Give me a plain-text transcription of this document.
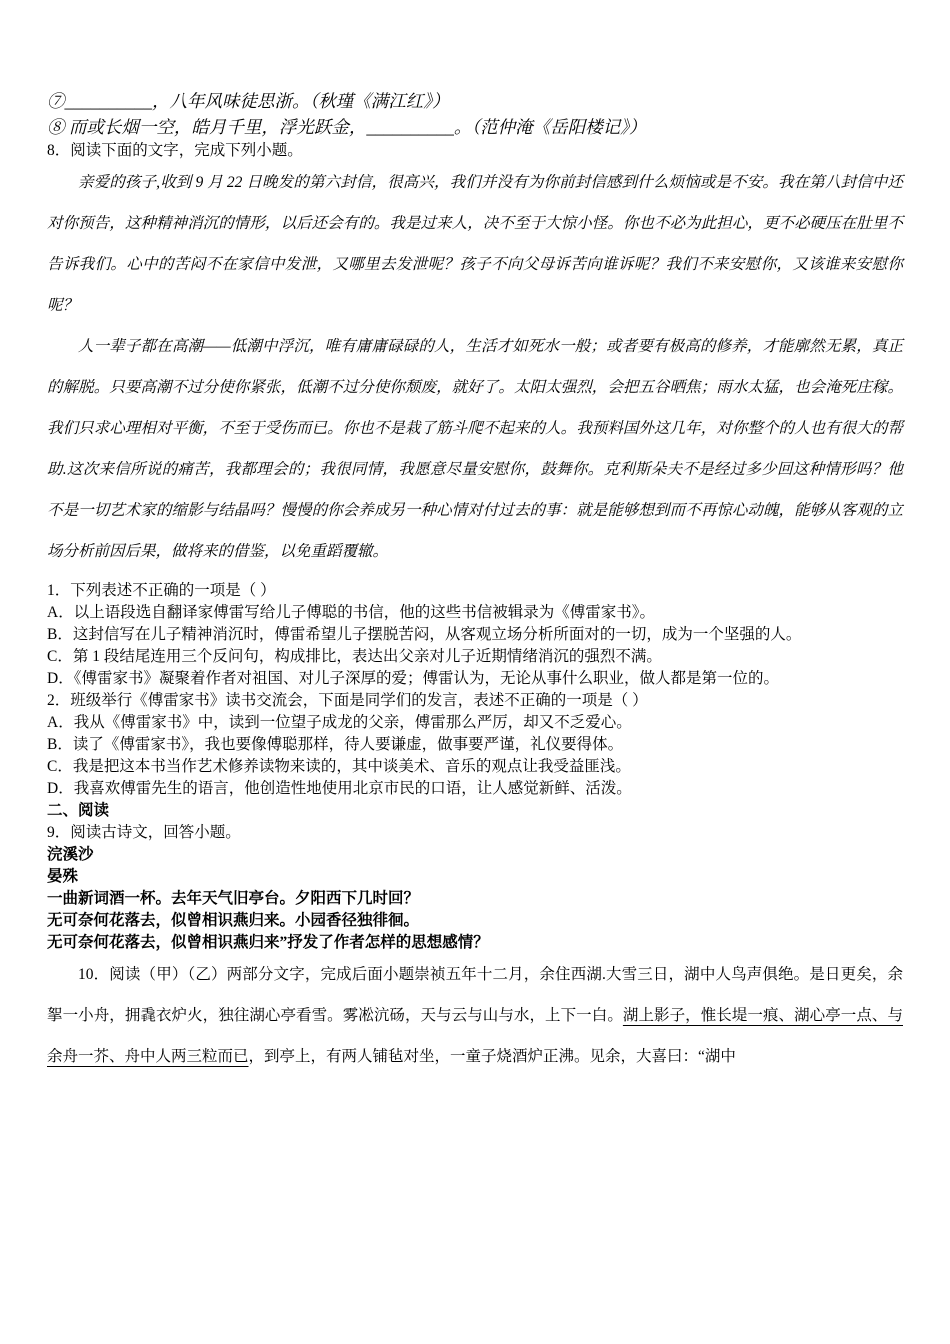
⑦__________，八年风味徒思浙。（秋瑾《满江红》）

⑧ 而或长烟一空，皓月千里，浮光跃金，__________。（范仲淹《岳阳楼记》）

8．阅读下面的文字，完成下列小题。

亲爱的孩子,收到 9 月 22 日晚发的第六封信，很高兴，我们并没有为你前封信感到什么烦恼或是不安。我在第八封信中还对你预告，这种精神消沉的情形，以后还会有的。我是过来人，决不至于大惊小怪。你也不必为此担心，更不必硬压在肚里不告诉我们。心中的苦闷不在家信中发泄，又哪里去发泄呢？孩子不向父母诉苦向谁诉呢？我们不来安慰你，又该谁来安慰你呢？

人一辈子都在高潮——低潮中浮沉，唯有庸庸碌碌的人，生活才如死水一般；或者要有极高的修养，才能廓然无累，真正的解脱。只要高潮不过分使你紧张，低潮不过分使你颓废，就好了。太阳太强烈，会把五谷晒焦；雨水太猛，也会淹死庄稼。我们只求心理相对平衡，不至于受伤而已。你也不是栽了筋斗爬不起来的人。我预料国外这几年，对你整个的人也有很大的帮助.这次来信所说的痛苦，我都理会的；我很同情，我愿意尽量安慰你，鼓舞你。克利斯朵夫不是经过多少回这种情形吗？他不是一切艺术家的缩影与结晶吗？慢慢的你会养成另一种心情对付过去的事：就是能够想到而不再惊心动魄，能够从客观的立场分析前因后果，做将来的借鉴，以免重蹈覆辙。

1．下列表述不正确的一项是（ ）

A．以上语段选自翻译家傅雷写给儿子傅聪的书信，他的这些书信被辑录为《傅雷家书》。

B．这封信写在儿子精神消沉时，傅雷希望儿子摆脱苦闷，从客观立场分析所面对的一切，成为一个坚强的人。

C．第 1 段结尾连用三个反问句，构成排比，表达出父亲对儿子近期情绪消沉的强烈不满。

D．《傅雷家书》凝聚着作者对祖国、对儿子深厚的爱；傅雷认为，无论从事什么职业，做人都是第一位的。

2．班级举行《傅雷家书》读书交流会，下面是同学们的发言，表述不正确的一项是（ ）

A．我从《傅雷家书》中，读到一位望子成龙的父亲，傅雷那么严厉，却又不乏爱心。

B．读了《傅雷家书》，我也要像傅聪那样，待人要谦虚，做事要严谨，礼仪要得体。

C．我是把这本书当作艺术修养读物来读的，其中谈美术、音乐的观点让我受益匪浅。

D．我喜欢傅雷先生的语言，他创造性地使用北京市民的口语，让人感觉新鲜、活泼。

二、阅读

9．阅读古诗文，回答小题。

浣溪沙

晏殊

一曲新词酒一杯。去年天气旧亭台。夕阳西下几时回？

无可奈何花落去，似曾相识燕归来。小园香径独徘徊。

无可奈何花落去，似曾相识燕归来”抒发了作者怎样的思想感情？

10．阅读（甲）（乙）两部分文字，完成后面小题崇祯五年十二月，余住西湖.大雪三日，湖中人鸟声俱绝。是日更矣，余挐一小舟，拥毳衣炉火，独往湖心亭看雪。雾凇沆砀，天与云与山与水，上下一白。湖上影子，惟长堤一痕、湖心亭一点、与余舟一芥、舟中人两三粒而已，到亭上，有两人铺毡对坐，一童子烧酒炉正沸。见余，大喜曰：“湖中
